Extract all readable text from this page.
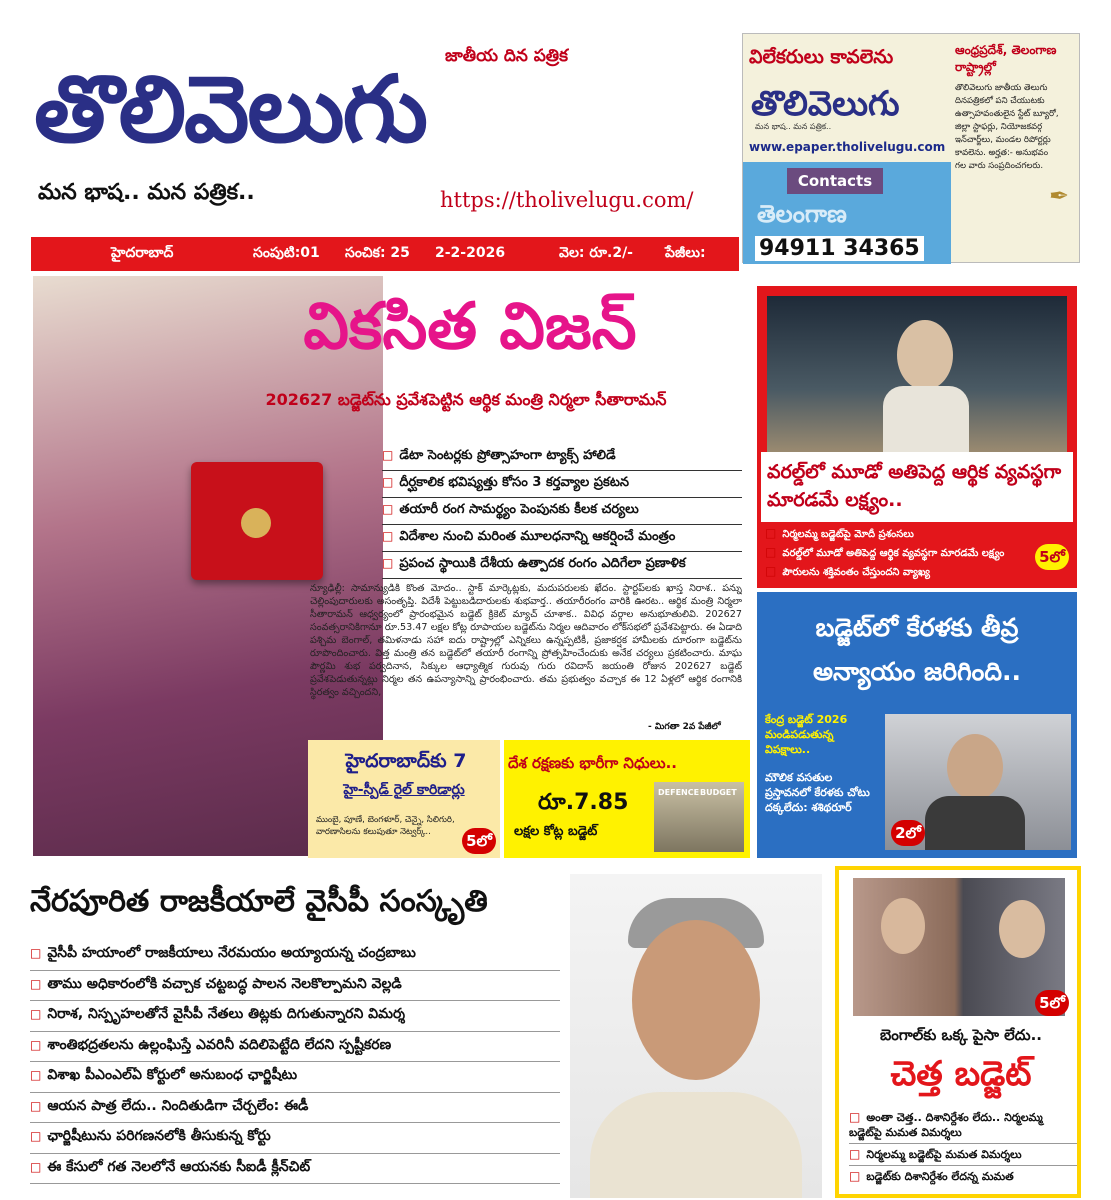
జాతీయ దిన పత్రిక
తొలివెలుగు
మన భాష.. మన పత్రిక..	https://tholivelugu.com/
విలేకరులు కావలెను
తొలివెలుగు
మన భాష.. మన పత్రిక..
www.epaper.tholivelugu.com
Contacts
తెలంగాణ
94911 34365
ఆంధ్రప్రదేశ్, తెలంగాణ రాష్ట్రాల్లో
తొలివెలుగు జాతీయ తెలుగు దినపత్రికలో పని చేయుటకు ఉత్సాహవంతులైన స్టేట్ బ్యూరో, జిల్లా స్టాఫర్లు, నియోజకవర్గ ఇన్‌చార్జ్‌లు, మండల రిపోర్టర్లు కావలెను. అర్హత:- అనుభవం గల వారు సంప్రదించగలరు.
✒
హైదరాబాద్	సంపుటి:01 సంచిక: 25 2-2-2026	వెల: రూ.2/- పేజీలు:
వికసిత విజన్
202627 బడ్జెట్‌ను ప్రవేశపెట్టిన ఆర్థిక మంత్రి నిర్మలా సీతారామన్
□ డేటా సెంటర్లకు ప్రోత్సాహంగా ట్యాక్స్ హాలిడే
□ దీర్ఘకాలిక భవిష్యత్తు కోసం 3 కర్తవ్యాల ప్రకటన
□ తయారీ రంగ సామర్థ్యం పెంపునకు కీలక చర్యలు
□ విదేశాల నుంచి మరింత మూలధనాన్ని ఆకర్షించే మంత్రం
□ ప్రపంచ స్థాయికి దేశీయ ఉత్పాదక రంగం ఎదిగేలా ప్రణాళిక
న్యూఢిల్లీ: సామాన్యుడికి కొంత మోదం.. స్టాక్ మార్కెట్లకు, మదుపరులకు ఖేదం. స్టార్టప్‌లకు ఖాస్త నిరాశ.. పన్ను చెల్లింపుదారులకు అసంతృప్తి. విదేశీ పెట్టుబడిదారులకు శుభవార్త.. తయారీరంగం వారికి ఊరట.. ఆర్థిక మంత్రి నిర్మలా సీతారామన్ ఆధ్వర్యంలో ప్రారంభమైన బడ్జెట్ క్రికెట్ మ్యాచ్ చూశాక.. వివిధ వర్గాల అనుభూతులివి. 202627 సంవత్సరానికిగానూ రూ.53.47 లక్షల కోట్ల రూపాయల బడ్జెట్‌ను నిర్మల ఆదివారం లోక్‌సభలో ప్రవేశపెట్టారు. ఈ ఏడాది పశ్చిమ బెంగాల్, తమిళనాడు సహా ఐదు రాష్ట్రాల్లో ఎన్నికలు ఉన్నప్పటికీ, ప్రజాకర్షక హామీలకు దూరంగా బడ్జెట్‌ను రూపొందించారు. విత్త మంత్రి తన బడ్జెట్‌లో తయారీ రంగాన్ని ప్రోత్సహించేందుకు అనేక చర్యలు ప్రకటించారు. మాఘ పౌర్ణమి శుభ పర్వదినాన, సిక్కుల ఆధ్యాత్మిక గురువు గురు రవిదాస్ జయంతి రోజున 202627 బడ్జెట్ ప్రవేశపెడుతున్నట్లు నిర్మల తన ఉపన్యాసాన్ని ప్రారంభించారు. తమ ప్రభుత్వం వచ్చాక ఈ 12 ఏళ్లలో ఆర్థిక రంగానికి స్థిరత్వం వచ్చిందని,
- మిగతా 2వ పేజీలో
హైదరాబాద్‌కు 7
హై-స్పీడ్ రైల్ కారిడార్లు
ముంబై, పూణే, బెంగళూర్, చెన్నై, సిలిగురి, వారణాసిలను కలుపుతూ నెట్వర్క్..	5లో
దేశ రక్షణకు భారీగా నిధులు..
రూ.7.85
లక్షల కోట్ల బడ్జెట్
DEFENCE BUDGET
వరల్డ్‌లో మూడో అతిపెద్ద ఆర్థిక వ్యవస్థగా మారడమే లక్ష్యం..
□ నిర్మలమ్మ బడ్జెట్‌పై మోదీ ప్రశంసలు
□ వరల్డ్‌లో మూడో అతిపెద్ద ఆర్థిక వ్యవస్థగా మారడమే లక్ష్యం
□ పౌరులను శక్తివంతం చేస్తుందని వ్యాఖ్య
5లో
బడ్జెట్‌లో కేరళకు తీవ్ర అన్యాయం జరిగింది..
కేంద్ర బడ్జెట్ 2026 మండిపడుతున్న విపక్షాలు..
మౌలిక వసతుల ప్రస్తావనలో కేరళకు చోటు దక్కలేదు: శశిథరూర్
2లో
నేరపూరిత రాజకీయాలే వైసీపీ సంస్కృతి
□ వైసీపీ హయాంలో రాజకీయాలు నేరమయం అయ్యాయన్న చంద్రబాబు
□ తాము అధికారంలోకి వచ్చాక చట్టబద్ధ పాలన నెలకొల్పామని వెల్లడి
□ నిరాశ, నిస్పృహలతోనే వైసీపీ నేతలు తిట్లకు దిగుతున్నారని విమర్శ
□ శాంతిభద్రతలను ఉల్లంఘిస్తే ఎవరినీ వదిలిపెట్టేది లేదని స్పష్టీకరణ
□ విశాఖ పీఎంఎల్ఏ కోర్టులో అనుబంధ ఛార్జిషీటు
□ ఆయన పాత్ర లేదు.. నిందితుడిగా చేర్చలేం: ఈడీ
□ ఛార్జిషీటును పరిగణనలోకి తీసుకున్న కోర్టు
□ ఈ కేసులో గత నెలలోనే ఆయనకు సీఐడీ క్లీన్‌చిట్
5లో
బెంగాల్‌కు ఒక్క పైసా లేదు..
చెత్త బడ్జెట్
□ అంతా చెత్త.. దిశానిర్దేశం లేదు.. నిర్మలమ్మ బడ్జెట్‌పై మమత విమర్శలు
□ నిర్మలమ్మ బడ్జెట్‌పై మమత విమర్శలు
□ బడ్జెట్‌కు దిశానిర్దేశం లేదన్న మమత
